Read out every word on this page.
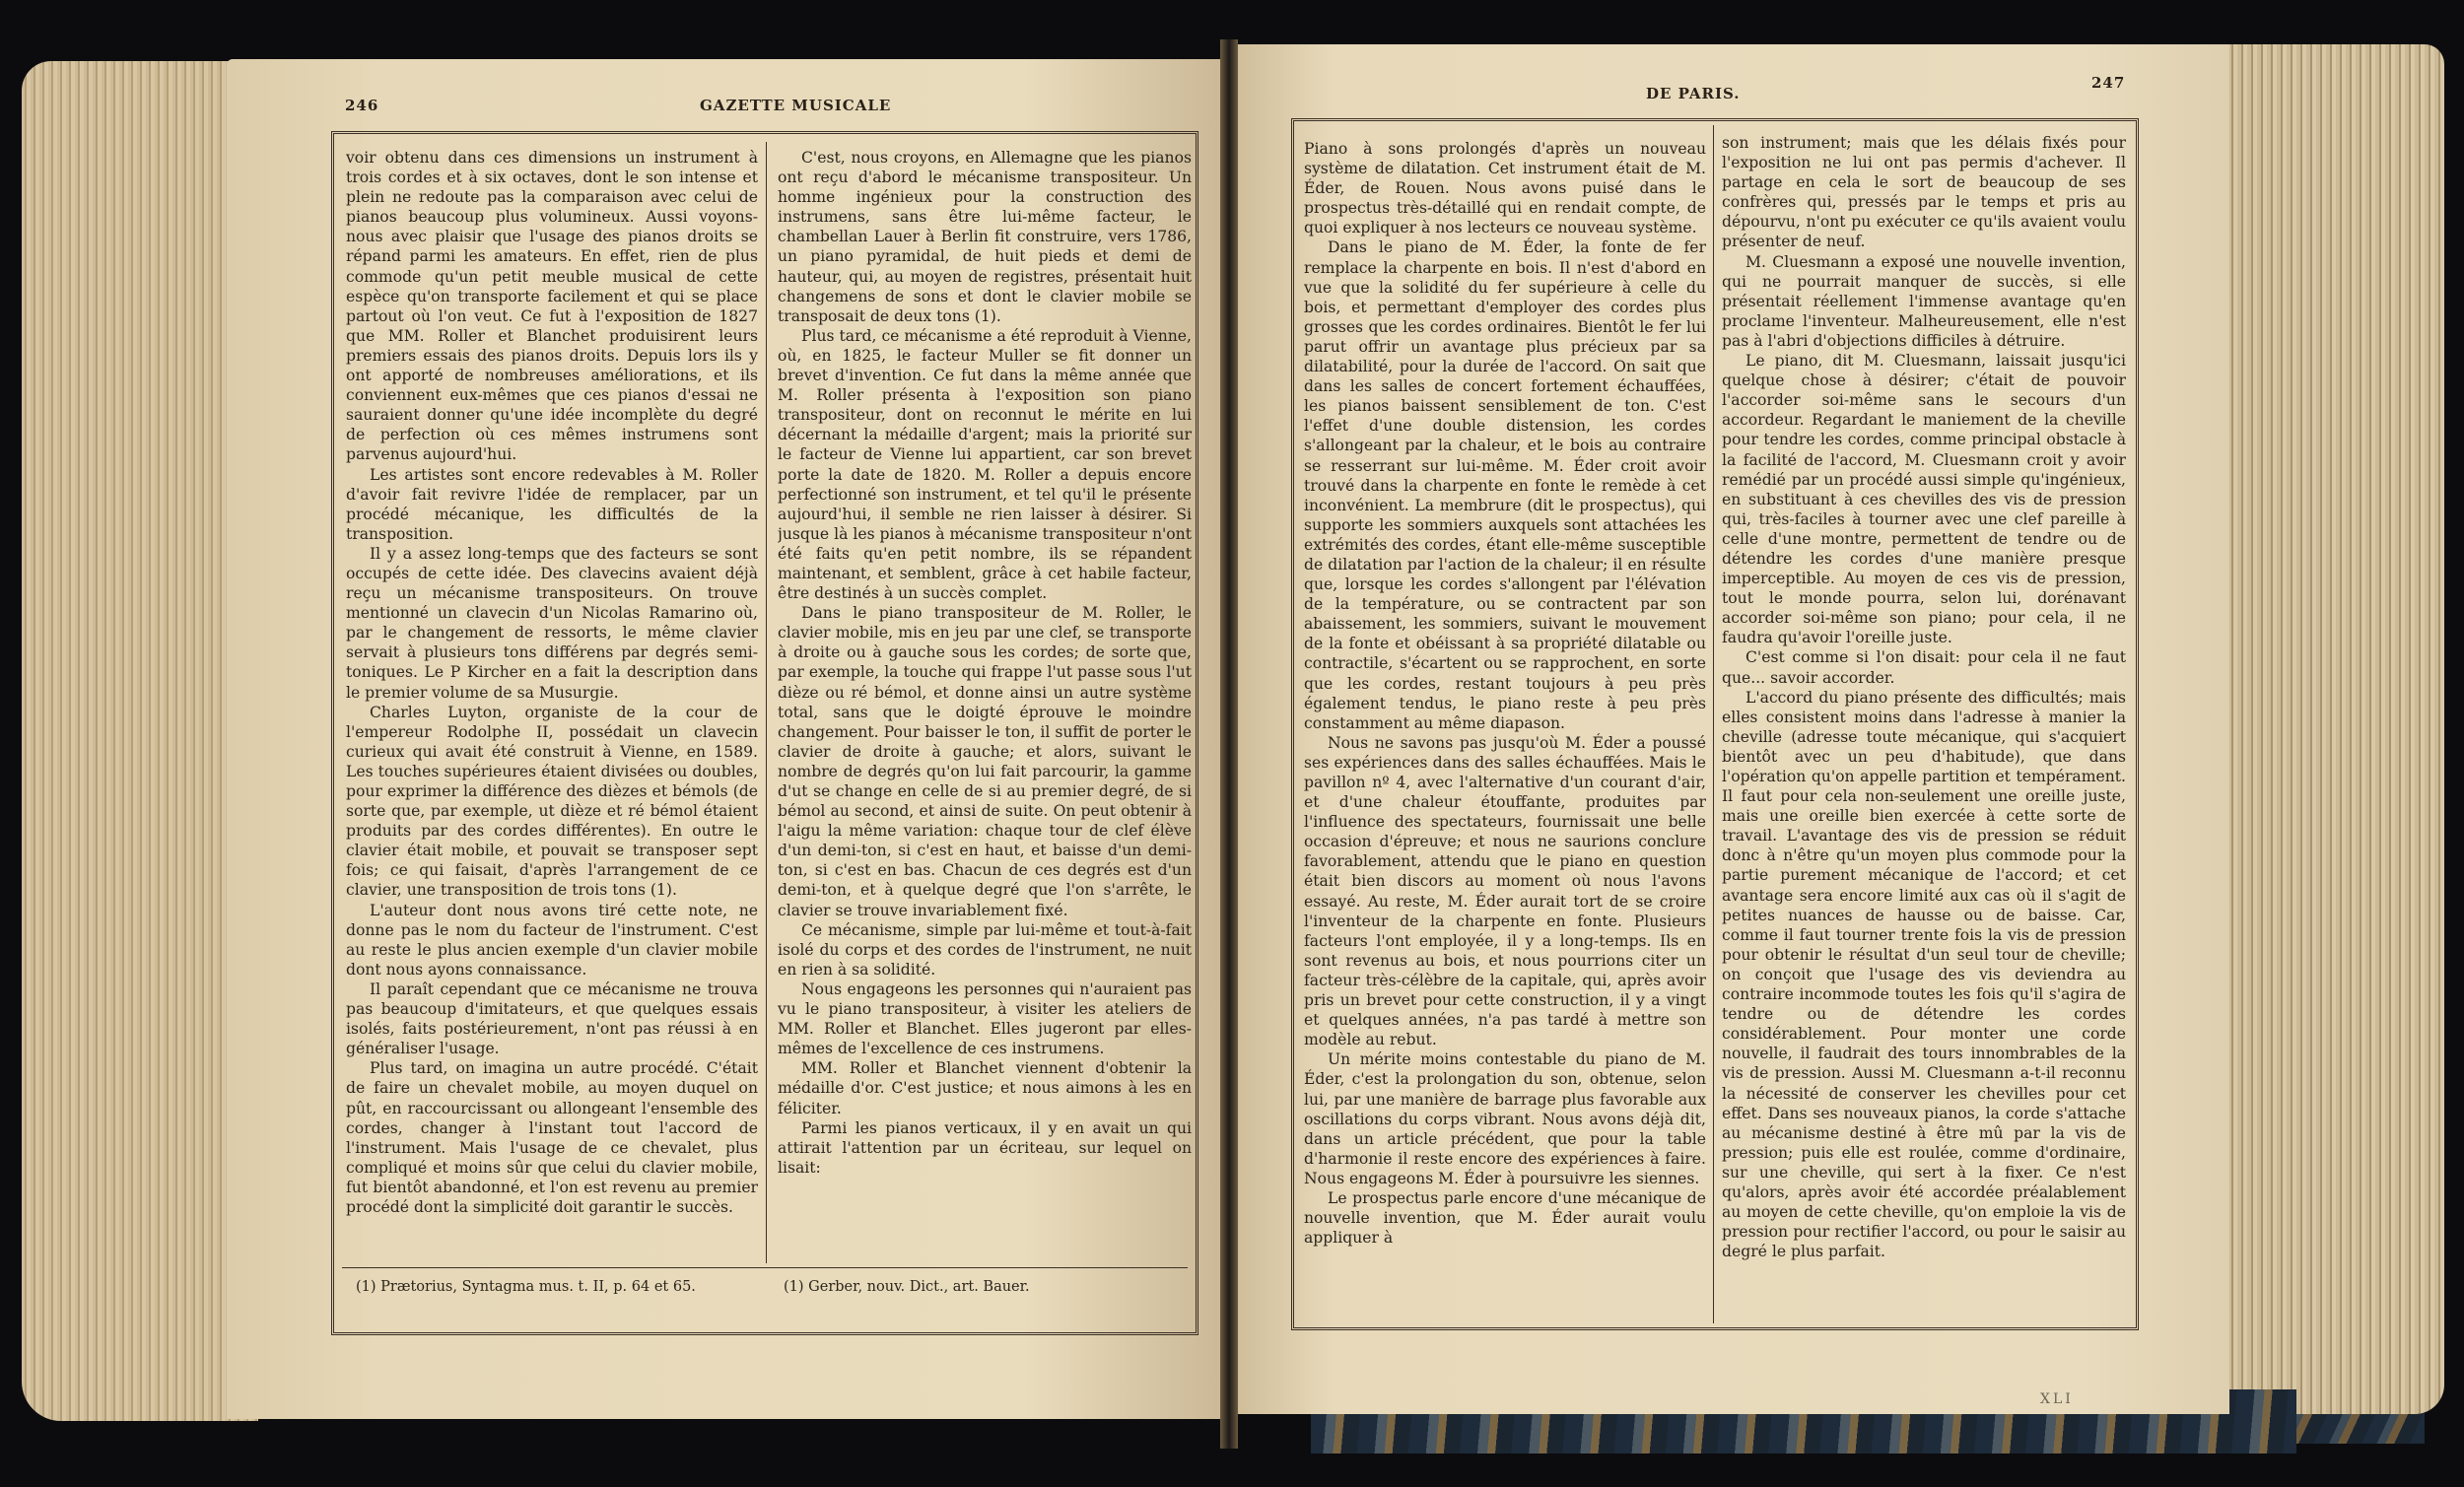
246	GAZETTE MUSICALE
DE PARIS.
247

voir obtenu dans ces dimensions un instrument à trois cordes et à six octaves, dont le son intense et plein ne redoute pas la comparaison avec celui de pianos beaucoup plus volumineux. Aussi voyons-nous avec plaisir que l'usage des pianos droits se répand parmi les amateurs. En effet, rien de plus commode qu'un petit meuble musical de cette espèce qu'on transporte facilement et qui se place partout où l'on veut. Ce fut à l'exposition de 1827 que MM. Roller et Blanchet produisirent leurs premiers essais des pianos droits. Depuis lors ils y ont apporté de nombreuses améliorations, et ils conviennent eux-mêmes que ces pianos d'essai ne sauraient donner qu'une idée incomplète du degré de perfection où ces mêmes instrumens sont parvenus aujourd'hui.

Les artistes sont encore redevables à M. Roller d'avoir fait revivre l'idée de remplacer, par un procédé mécanique, les difficultés de la transposition.

Il y a assez long-temps que des facteurs se sont occupés de cette idée. Des clavecins avaient déjà reçu un mécanisme transpositeurs. On trouve mentionné un clavecin d'un Nicolas Ramarino où, par le changement de ressorts, le même clavier servait à plusieurs tons différens par degrés semi-toniques. Le P Kircher en a fait la description dans le premier volume de sa Musurgie.

Charles Luyton, organiste de la cour de l'empereur Rodolphe II, possédait un clavecin curieux qui avait été construit à Vienne, en 1589. Les touches supérieures étaient divisées ou doubles, pour exprimer la différence des dièzes et bémols (de sorte que, par exemple, ut dièze et ré bémol étaient produits par des cordes différentes). En outre le clavier était mobile, et pouvait se transposer sept fois; ce qui faisait, d'après l'arrangement de ce clavier, une transposition de trois tons (1).

L'auteur dont nous avons tiré cette note, ne donne pas le nom du facteur de l'instrument. C'est au reste le plus ancien exemple d'un clavier mobile dont nous ayons connaissance.

Il paraît cependant que ce mécanisme ne trouva pas beaucoup d'imitateurs, et que quelques essais isolés, faits postérieurement, n'ont pas réussi à en généraliser l'usage.

Plus tard, on imagina un autre procédé. C'était de faire un chevalet mobile, au moyen duquel on pût, en raccourcissant ou allongeant l'ensemble des cordes, changer à l'instant tout l'accord de l'instrument. Mais l'usage de ce chevalet, plus compliqué et moins sûr que celui du clavier mobile, fut bientôt abandonné, et l'on est revenu au premier procédé dont la simplicité doit garantir le succès.

C'est, nous croyons, en Allemagne que les pianos ont reçu d'abord le mécanisme transpositeur. Un homme ingénieux pour la construction des instrumens, sans être lui-même facteur, le chambellan Lauer à Berlin fit construire, vers 1786, un piano pyramidal, de huit pieds et demi de hauteur, qui, au moyen de registres, présentait huit changemens de sons et dont le clavier mobile se transposait de deux tons (1).

Plus tard, ce mécanisme a été reproduit à Vienne, où, en 1825, le facteur Muller se fit donner un brevet d'invention. Ce fut dans la même année que M. Roller présenta à l'exposition son piano transpositeur, dont on reconnut le mérite en lui décernant la médaille d'argent; mais la priorité sur le facteur de Vienne lui appartient, car son brevet porte la date de 1820. M. Roller a depuis encore perfectionné son instrument, et tel qu'il le présente aujourd'hui, il semble ne rien laisser à désirer. Si jusque là les pianos à mécanisme transpositeur n'ont été faits qu'en petit nombre, ils se répandent maintenant, et semblent, grâce à cet habile facteur, être destinés à un succès complet.

Dans le piano transpositeur de M. Roller, le clavier mobile, mis en jeu par une clef, se transporte à droite ou à gauche sous les cordes; de sorte que, par exemple, la touche qui frappe l'ut passe sous l'ut dièze ou ré bémol, et donne ainsi un autre système total, sans que le doigté éprouve le moindre changement. Pour baisser le ton, il suffit de porter le clavier de droite à gauche; et alors, suivant le nombre de degrés qu'on lui fait parcourir, la gamme d'ut se change en celle de si au premier degré, de si bémol au second, et ainsi de suite. On peut obtenir à l'aigu la même variation: chaque tour de clef élève d'un demi-ton, si c'est en haut, et baisse d'un demi-ton, si c'est en bas. Chacun de ces degrés est d'un demi-ton, et à quelque degré que l'on s'arrête, le clavier se trouve invariablement fixé.

Ce mécanisme, simple par lui-même et tout-à-fait isolé du corps et des cordes de l'instrument, ne nuit en rien à sa solidité.

Nous engageons les personnes qui n'auraient pas vu le piano transpositeur, à visiter les ateliers de MM. Roller et Blanchet. Elles jugeront par elles-mêmes de l'excellence de ces instrumens.

MM. Roller et Blanchet viennent d'obtenir la médaille d'or. C'est justice; et nous aimons à les en féliciter.

Parmi les pianos verticaux, il y en avait un qui attirait l'attention par un écriteau, sur lequel on lisait:

(1) Prætorius, Syntagma mus. t. II, p. 64 et 65.	(1) Gerber, nouv. Dict., art. Bauer.

Piano à sons prolongés d'après un nouveau système de dilatation. Cet instrument était de M. Éder, de Rouen. Nous avons puisé dans le prospectus très-détaillé qui en rendait compte, de quoi expliquer à nos lecteurs ce nouveau système.

Dans le piano de M. Éder, la fonte de fer remplace la charpente en bois. Il n'est d'abord en vue que la solidité du fer supérieure à celle du bois, et permettant d'employer des cordes plus grosses que les cordes ordinaires. Bientôt le fer lui parut offrir un avantage plus précieux par sa dilatabilité, pour la durée de l'accord. On sait que dans les salles de concert fortement échauffées, les pianos baissent sensiblement de ton. C'est l'effet d'une double distension, les cordes s'allongeant par la chaleur, et le bois au contraire se resserrant sur lui-même. M. Éder croit avoir trouvé dans la charpente en fonte le remède à cet inconvénient. La membrure (dit le prospectus), qui supporte les sommiers auxquels sont attachées les extrémités des cordes, étant elle-même susceptible de dilatation par l'action de la chaleur; il en résulte que, lorsque les cordes s'allongent par l'élévation de la température, ou se contractent par son abaissement, les sommiers, suivant le mouvement de la fonte et obéissant à sa propriété dilatable ou contractile, s'écartent ou se rapprochent, en sorte que les cordes, restant toujours à peu près également tendus, le piano reste à peu près constamment au même diapason.

Nous ne savons pas jusqu'où M. Éder a poussé ses expériences dans des salles échauffées. Mais le pavillon nº 4, avec l'alternative d'un courant d'air, et d'une chaleur étouffante, produites par l'influence des spectateurs, fournissait une belle occasion d'épreuve; et nous ne saurions conclure favorablement, attendu que le piano en question était bien discors au moment où nous l'avons essayé. Au reste, M. Éder aurait tort de se croire l'inventeur de la charpente en fonte. Plusieurs facteurs l'ont employée, il y a long-temps. Ils en sont revenus au bois, et nous pourrions citer un facteur très-célèbre de la capitale, qui, après avoir pris un brevet pour cette construction, il y a vingt et quelques années, n'a pas tardé à mettre son modèle au rebut.

Un mérite moins contestable du piano de M. Éder, c'est la prolongation du son, obtenue, selon lui, par une manière de barrage plus favorable aux oscillations du corps vibrant. Nous avons déjà dit, dans un article précédent, que pour la table d'harmonie il reste encore des expériences à faire. Nous engageons M. Éder à poursuivre les siennes.

Le prospectus parle encore d'une mécanique de nouvelle invention, que M. Éder aurait voulu appliquer à

son instrument; mais que les délais fixés pour l'exposition ne lui ont pas permis d'achever. Il partage en cela le sort de beaucoup de ses confrères qui, pressés par le temps et pris au dépourvu, n'ont pu exécuter ce qu'ils avaient voulu présenter de neuf.

M. Cluesmann a exposé une nouvelle invention, qui ne pourrait manquer de succès, si elle présentait réellement l'immense avantage qu'en proclame l'inventeur. Malheureusement, elle n'est pas à l'abri d'objections difficiles à détruire.

Le piano, dit M. Cluesmann, laissait jusqu'ici quelque chose à désirer; c'était de pouvoir l'accorder soi-même sans le secours d'un accordeur. Regardant le maniement de la cheville pour tendre les cordes, comme principal obstacle à la facilité de l'accord, M. Cluesmann croit y avoir remédié par un procédé aussi simple qu'ingénieux, en substituant à ces chevilles des vis de pression qui, très-faciles à tourner avec une clef pareille à celle d'une montre, permettent de tendre ou de détendre les cordes d'une manière presque imperceptible. Au moyen de ces vis de pression, tout le monde pourra, selon lui, dorénavant accorder soi-même son piano; pour cela, il ne faudra qu'avoir l'oreille juste.

C'est comme si l'on disait: pour cela il ne faut que... savoir accorder.

L'accord du piano présente des difficultés; mais elles consistent moins dans l'adresse à manier la cheville (adresse toute mécanique, qui s'acquiert bientôt avec un peu d'habitude), que dans l'opération qu'on appelle partition et tempérament. Il faut pour cela non-seulement une oreille juste, mais une oreille bien exercée à cette sorte de travail. L'avantage des vis de pression se réduit donc à n'être qu'un moyen plus commode pour la partie purement mécanique de l'accord; et cet avantage sera encore limité aux cas où il s'agit de petites nuances de hausse ou de baisse. Car, comme il faut tourner trente fois la vis de pression pour obtenir le résultat d'un seul tour de cheville; on conçoit que l'usage des vis deviendra au contraire incommode toutes les fois qu'il s'agira de tendre ou de détendre les cordes considérablement. Pour monter une corde nouvelle, il faudrait des tours innombrables de la vis de pression. Aussi M. Cluesmann a-t-il reconnu la nécessité de conserver les chevilles pour cet effet. Dans ses nouveaux pianos, la corde s'attache au mécanisme destiné à être mû par la vis de pression; puis elle est roulée, comme d'ordinaire, sur une cheville, qui sert à la fixer. Ce n'est qu'alors, après avoir été accordée préalablement au moyen de cette cheville, qu'on emploie la vis de pression pour rectifier l'accord, ou pour le saisir au degré le plus parfait.

XLI
